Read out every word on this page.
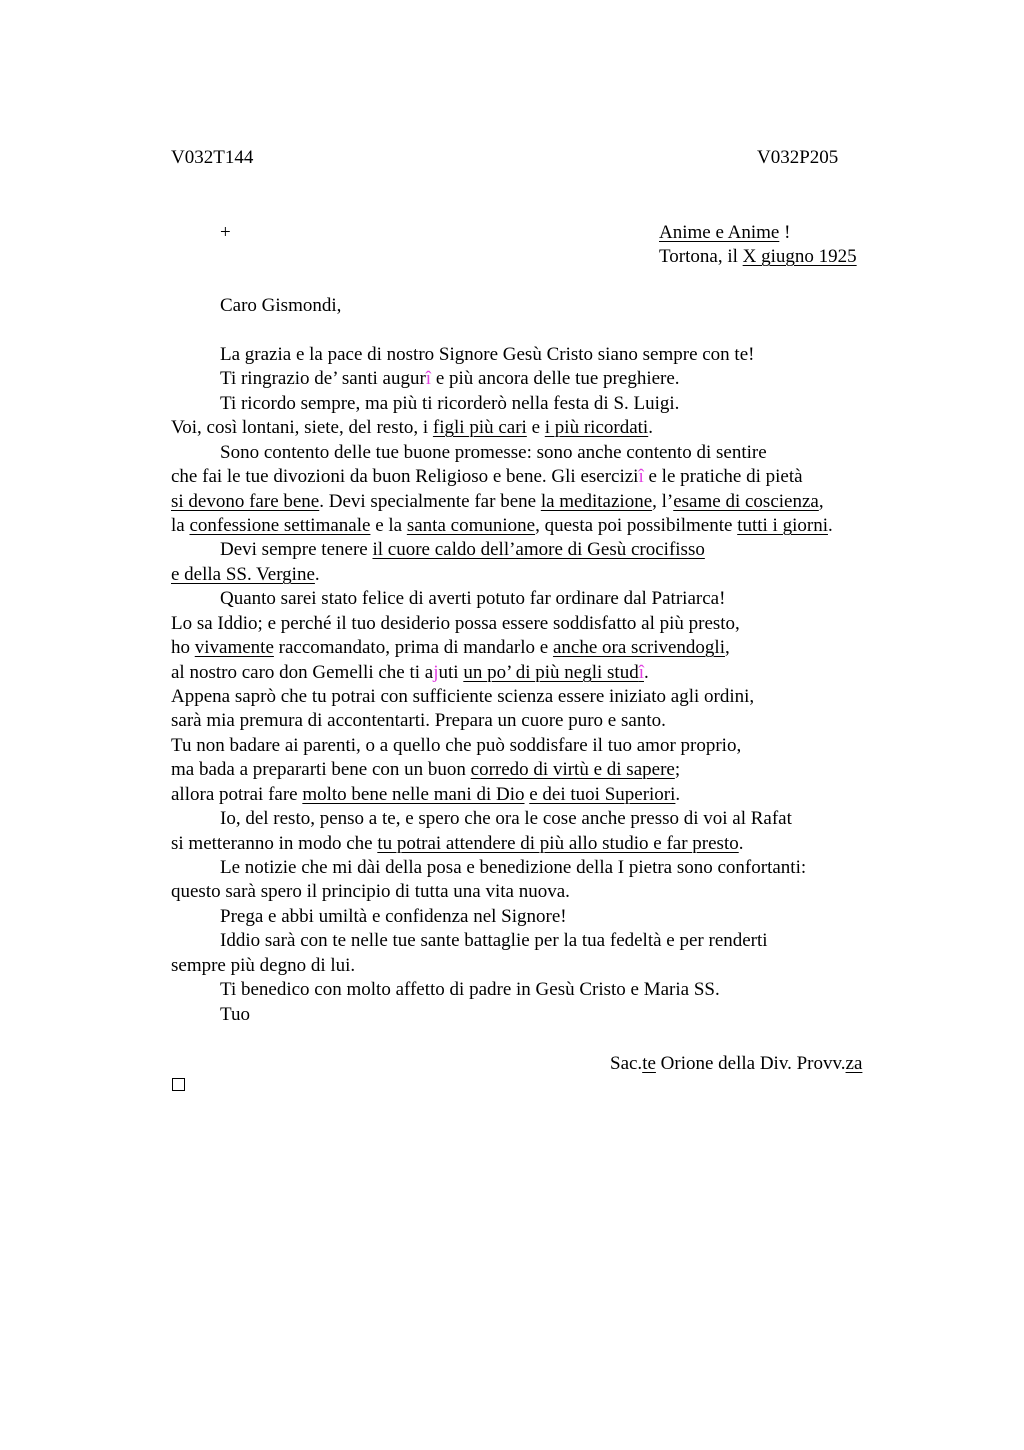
V032T144	V032P205
+	Anime e Anime !
Tortona, il X giugno 1925
Caro Gismondi,
La grazia e la pace di nostro Signore Gesù Cristo siano sempre con te!
Ti ringrazio de’ santi augurî e più ancora delle tue preghiere.
Ti ricordo sempre, ma più ti ricorderò nella festa di S. Luigi.
Voi, così lontani, siete, del resto, i figli più cari e i più ricordati.
Sono contento delle tue buone promesse: sono anche contento di sentire
che fai le tue divozioni da buon Religioso e bene. Gli eserciziî e le pratiche di pietà
si devono fare bene. Devi specialmente far bene la meditazione, l’esame di coscienza,
la confessione settimanale e la santa comunione, questa poi possibilmente tutti i giorni.
Devi sempre tenere il cuore caldo dell’amore di Gesù crocifisso
e della SS. Vergine.
Quanto sarei stato felice di averti potuto far ordinare dal Patriarca!
Lo sa Iddio; e perché il tuo desiderio possa essere soddisfatto al più presto,
ho vivamente raccomandato, prima di mandarlo e anche ora scrivendogli,
al nostro caro don Gemelli che ti ajuti un po’ di più negli studî.
Appena saprò che tu potrai con sufficiente scienza essere iniziato agli ordini,
sarà mia premura di accontentarti. Prepara un cuore puro e santo.
Tu non badare ai parenti, o a quello che può soddisfare il tuo amor proprio,
ma bada a prepararti bene con un buon corredo di virtù e di sapere;
allora potrai fare molto bene nelle mani di Dio e dei tuoi Superiori.
Io, del resto, penso a te, e spero che ora le cose anche presso di voi al Rafat
si metteranno in modo che tu potrai attendere di più allo studio e far presto.
Le notizie che mi dài della posa e benedizione della I pietra sono confortanti:
questo sarà spero il principio di tutta una vita nuova.
Prega e abbi umiltà e confidenza nel Signore!
Iddio sarà con te nelle tue sante battaglie per la tua fedeltà e per renderti
sempre più degno di lui.
Ti benedico con molto affetto di padre in Gesù Cristo e Maria SS.
Tuo
Sac.te Orione della Div. Provv.za
